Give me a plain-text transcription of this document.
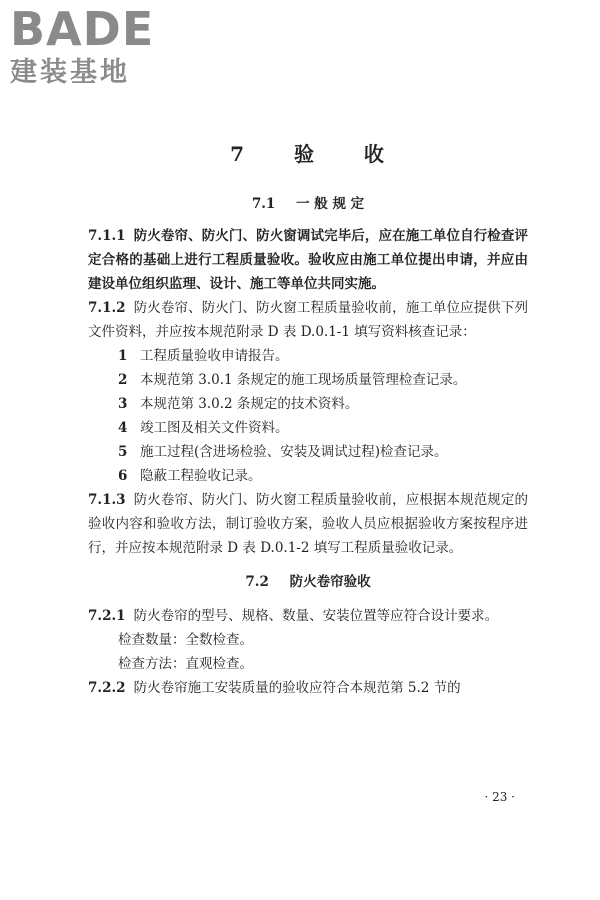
BADE
建装基地
7 验 收
7.1 一 般 规 定
7.1.1 防火卷帘、防火门、防火窗调试完毕后，应在施工单位自行检查评定合格的基础上进行工程质量验收。验收应由施工单位提出申请，并应由建设单位组织监理、设计、施工等单位共同实施。
7.1.2 防火卷帘、防火门、防火窗工程质量验收前，施工单位应提供下列文件资料，并应按本规范附录 D 表 D.0.1-1 填写资料核查记录：
1 工程质量验收申请报告。
2 本规范第 3.0.1 条规定的施工现场质量管理检查记录。
3 本规范第 3.0.2 条规定的技术资料。
4 竣工图及相关文件资料。
5 施工过程(含进场检验、安装及调试过程)检查记录。
6 隐蔽工程验收记录。
7.1.3 防火卷帘、防火门、防火窗工程质量验收前，应根据本规范规定的验收内容和验收方法，制订验收方案，验收人员应根据验收方案按程序进行，并应按本规范附录 D 表 D.0.1-2 填写工程质量验收记录。
7.2 防火卷帘验收
7.2.1 防火卷帘的型号、规格、数量、安装位置等应符合设计要求。
检查数量：全数检查。
检查方法：直观检查。
7.2.2 防火卷帘施工安装质量的验收应符合本规范第 5.2 节的
· 23 ·
